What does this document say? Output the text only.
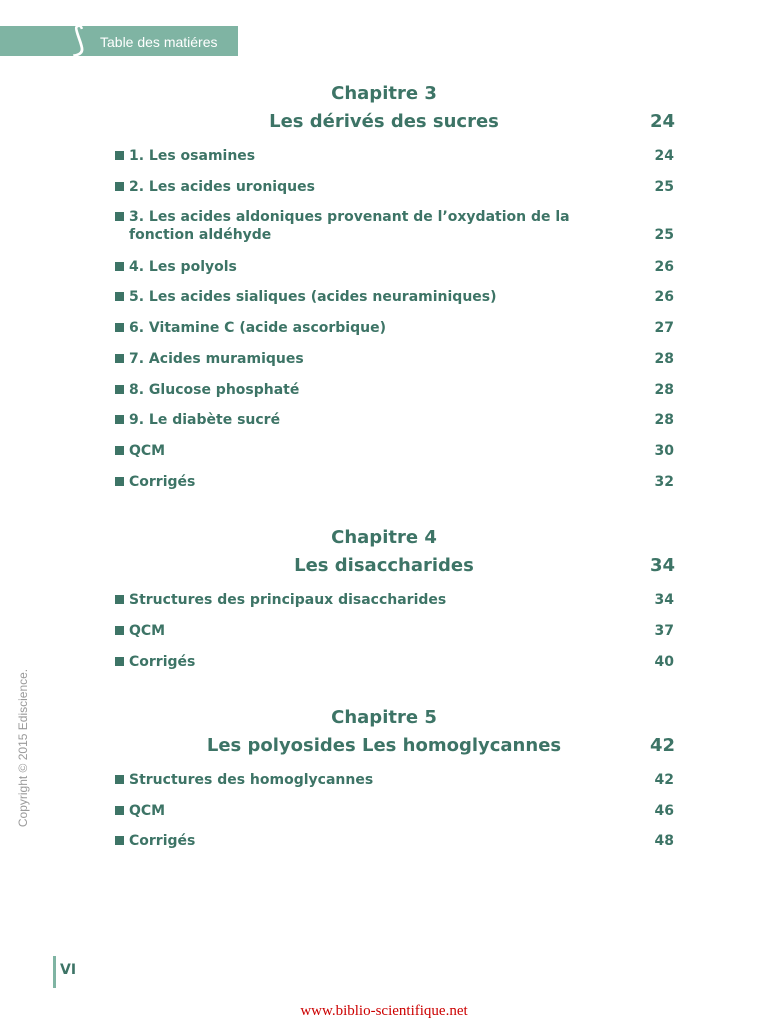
⟆ Table des matiéres
Chapitre 3
Les dérivés des sucres	24
1. Les osamines	24
2. Les acides uroniques	25
3. Les acides aldoniques provenant de l’oxydation de la fonction aldéhyde	25
4. Les polyols	26
5. Les acides sialiques (acides neuraminiques)	26
6. Vitamine C (acide ascorbique)	27
7. Acides muramiques	28
8. Glucose phosphaté	28
9. Le diabète sucré	28
QCM	30
Corrigés	32
Chapitre 4
Les disaccharides	34
Structures des principaux disaccharides	34
QCM	37
Corrigés	40
Chapitre 5
Les polyosides Les homoglycannes	42
Structures des homoglycannes	42
QCM	46
Corrigés	48
Copyright © 2015 Ediscience.
VI
www.biblio-scientifique.net
